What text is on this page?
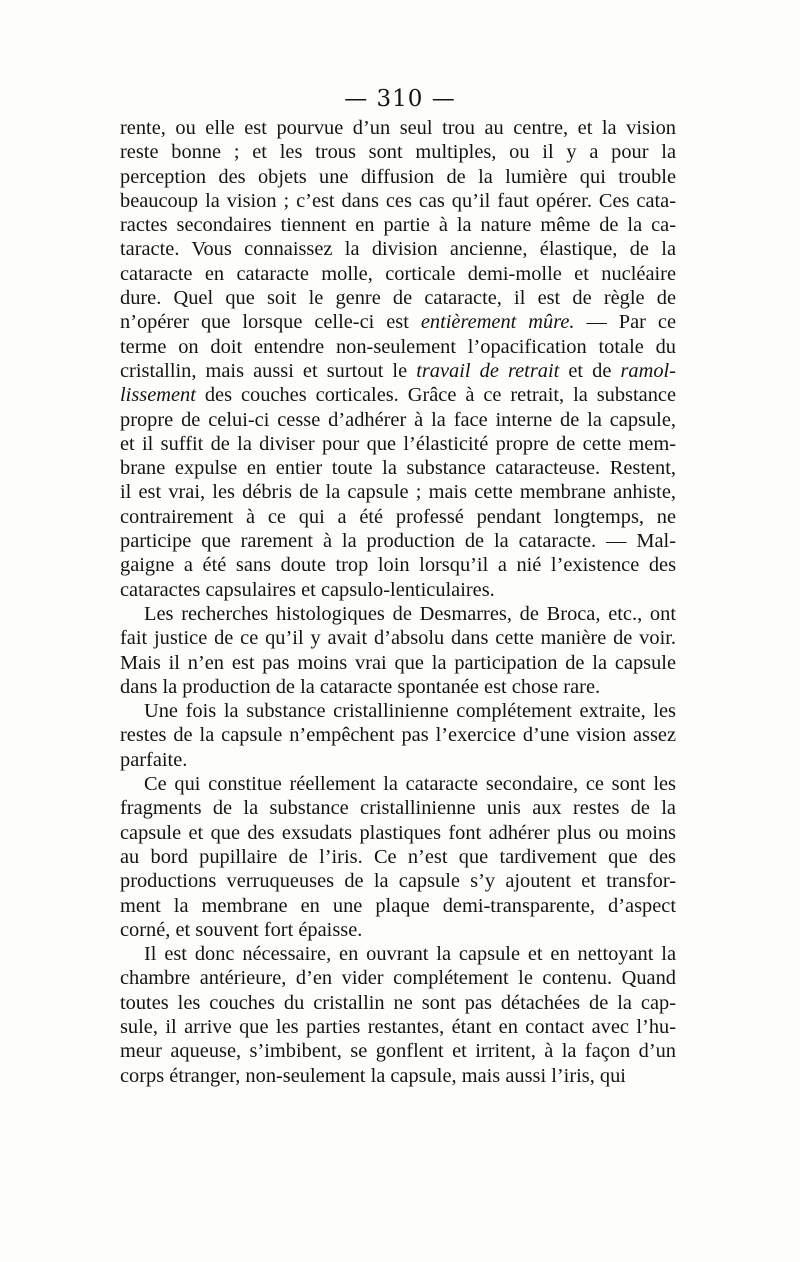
— 310 —

rente, ou elle est pourvue d’un seul trou au centre, et la vision
reste bonne ; et les trous sont multiples, ou il y a pour la
perception des objets une diffusion de la lumière qui trouble
beaucoup la vision ; c’est dans ces cas qu’il faut opérer. Ces cata-
ractes secondaires tiennent en partie à la nature même de la ca-
taracte. Vous connaissez la division ancienne, élastique, de la
cataracte en cataracte molle, corticale demi-molle et nucléaire
dure. Quel que soit le genre de cataracte, il est de règle de
n’opérer que lorsque celle-ci est entièrement mûre. — Par ce
terme on doit entendre non-seulement l’opacification totale du
cristallin, mais aussi et surtout le travail de retrait et de ramol-
lissement des couches corticales. Grâce à ce retrait, la substance
propre de celui-ci cesse d’adhérer à la face interne de la capsule,
et il suffit de la diviser pour que l’élasticité propre de cette mem-
brane expulse en entier toute la substance cataracteuse. Restent,
il est vrai, les débris de la capsule ; mais cette membrane anhiste,
contrairement à ce qui a été professé pendant longtemps, ne
participe que rarement à la production de la cataracte. — Mal-
gaigne a été sans doute trop loin lorsqu’il a nié l’existence des
cataractes capsulaires et capsulo-lenticulaires.
Les recherches histologiques de Desmarres, de Broca, etc., ont
fait justice de ce qu’il y avait d’absolu dans cette manière de voir.
Mais il n’en est pas moins vrai que la participation de la capsule
dans la production de la cataracte spontanée est chose rare.
Une fois la substance cristallinienne complétement extraite, les
restes de la capsule n’empêchent pas l’exercice d’une vision assez
parfaite.
Ce qui constitue réellement la cataracte secondaire, ce sont les
fragments de la substance cristallinienne unis aux restes de la
capsule et que des exsudats plastiques font adhérer plus ou moins
au bord pupillaire de l’iris. Ce n’est que tardivement que des
productions verruqueuses de la capsule s’y ajoutent et transfor-
ment la membrane en une plaque demi-transparente, d’aspect
corné, et souvent fort épaisse.
Il est donc nécessaire, en ouvrant la capsule et en nettoyant la
chambre antérieure, d’en vider complétement le contenu. Quand
toutes les couches du cristallin ne sont pas détachées de la cap-
sule, il arrive que les parties restantes, étant en contact avec l’hu-
meur aqueuse, s’imbibent, se gonflent et irritent, à la façon d’un
corps étranger, non-seulement la capsule, mais aussi l’iris, qui
